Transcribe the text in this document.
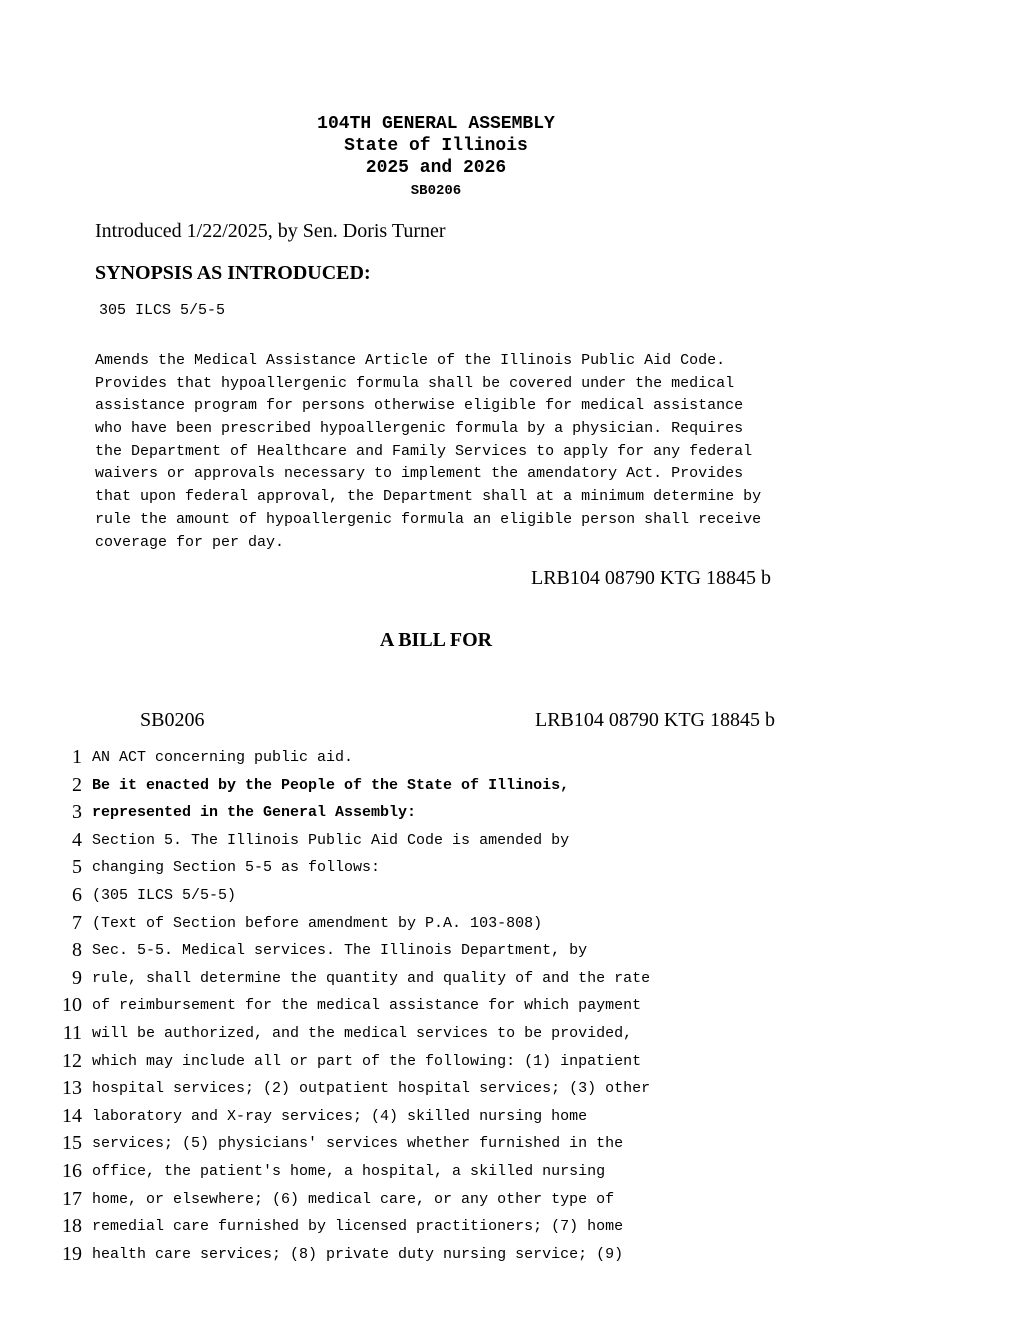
104TH GENERAL ASSEMBLY
State of Illinois
2025 and 2026
SB0206
Introduced 1/22/2025, by Sen. Doris Turner
SYNOPSIS AS INTRODUCED:
305 ILCS 5/5-5
Amends the Medical Assistance Article of the Illinois Public Aid Code.
Provides that hypoallergenic formula shall be covered under the medical
assistance program for persons otherwise eligible for medical assistance
who have been prescribed hypoallergenic formula by a physician. Requires
the Department of Healthcare and Family Services to apply for any federal
waivers or approvals necessary to implement the amendatory Act. Provides
that upon federal approval, the Department shall at a minimum determine by
rule the amount of hypoallergenic formula an eligible person shall receive
coverage for per day.
LRB104 08790 KTG 18845 b
A BILL FOR
SB0206	LRB104 08790 KTG 18845 b
1 AN ACT concerning public aid.
2 Be it enacted by the People of the State of Illinois,
3 represented in the General Assembly:
4 Section 5. The Illinois Public Aid Code is amended by
5 changing Section 5-5 as follows:
6 (305 ILCS 5/5-5)
7 (Text of Section before amendment by P.A. 103-808)
8 Sec. 5-5. Medical services. The Illinois Department, by
9 rule, shall determine the quantity and quality of and the rate
10 of reimbursement for the medical assistance for which payment
11 will be authorized, and the medical services to be provided,
12 which may include all or part of the following: (1) inpatient
13 hospital services; (2) outpatient hospital services; (3) other
14 laboratory and X-ray services; (4) skilled nursing home
15 services; (5) physicians' services whether furnished in the
16 office, the patient's home, a hospital, a skilled nursing
17 home, or elsewhere; (6) medical care, or any other type of
18 remedial care furnished by licensed practitioners; (7) home
19 health care services; (8) private duty nursing service; (9)
